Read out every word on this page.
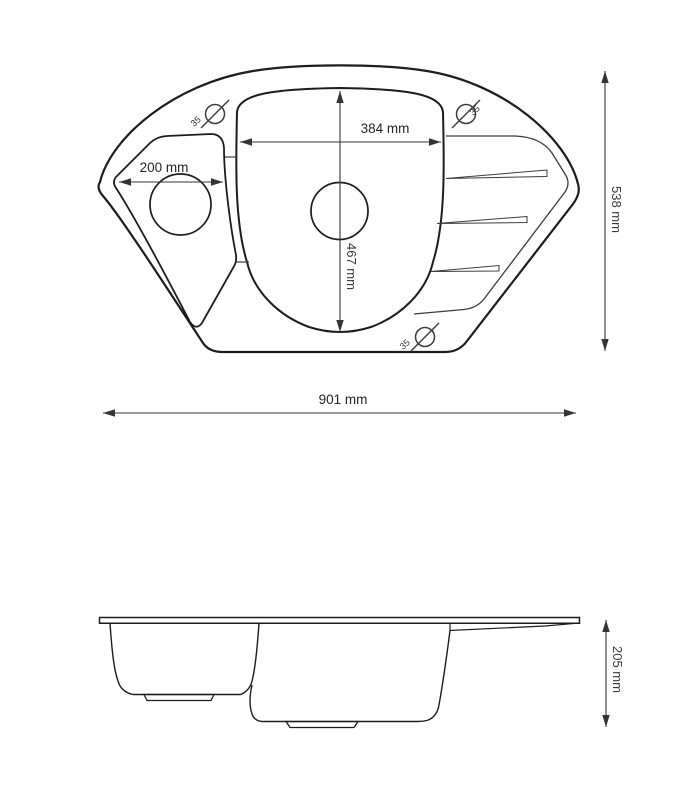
35
35
35
384 mm
200 mm
467 mm
538 mm
901 mm
205 mm
